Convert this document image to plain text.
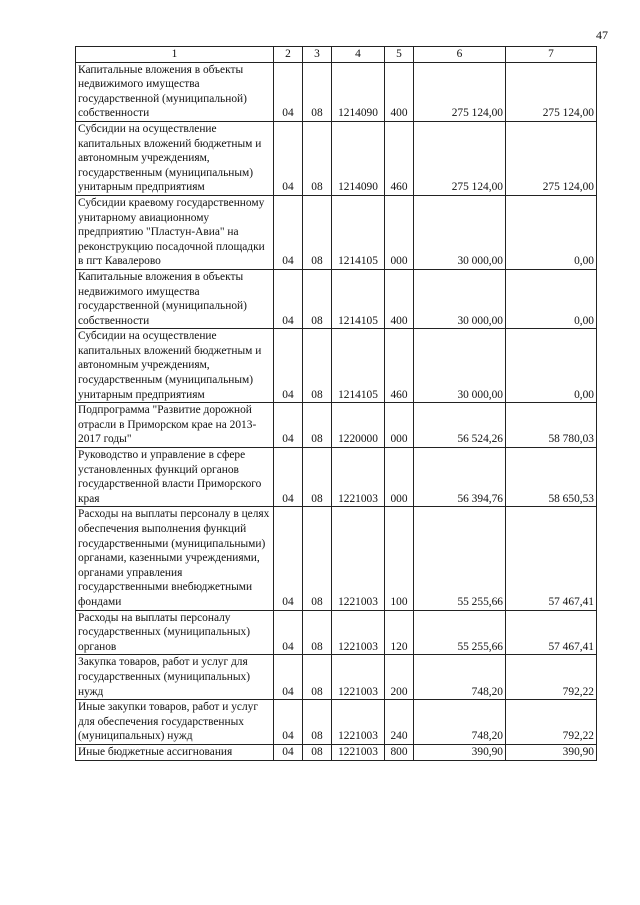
47
1	2	3	4	5	6	7
Капитальные вложения в объекты недвижимого имущества государственной (муниципальной) собственности	04	08	1214090	400	275 124,00	275 124,00
Субсидии на осуществление капитальных вложений бюджетным и автономным учреждениям, государственным (муниципальным) унитарным предприятиям	04	08	1214090	460	275 124,00	275 124,00
Субсидии краевому государственному унитарному авиационному предприятию "Пластун-Авиа" на реконструкцию посадочной площадки в пгт Кавалерово	04	08	1214105	000	30 000,00	0,00
Капитальные вложения в объекты недвижимого имущества государственной (муниципальной) собственности	04	08	1214105	400	30 000,00	0,00
Субсидии на осуществление капитальных вложений бюджетным и автономным учреждениям, государственным (муниципальным) унитарным предприятиям	04	08	1214105	460	30 000,00	0,00
Подпрограмма "Развитие дорожной отрасли в Приморском крае на 2013-2017 годы"	04	08	1220000	000	56 524,26	58 780,03
Руководство и управление в сфере установленных функций органов государственной власти Приморского края	04	08	1221003	000	56 394,76	58 650,53
Расходы на выплаты персоналу в целях обеспечения выполнения функций государственными (муниципальными) органами, казенными учреждениями, органами управления государственными внебюджетными фондами	04	08	1221003	100	55 255,66	57 467,41
Расходы на выплаты персоналу государственных (муниципальных) органов	04	08	1221003	120	55 255,66	57 467,41
Закупка товаров, работ и услуг для государственных (муниципальных) нужд	04	08	1221003	200	748,20	792,22
Иные закупки товаров, работ и услуг для обеспечения государственных (муниципальных) нужд	04	08	1221003	240	748,20	792,22
Иные бюджетные ассигнования	04	08	1221003	800	390,90	390,90
